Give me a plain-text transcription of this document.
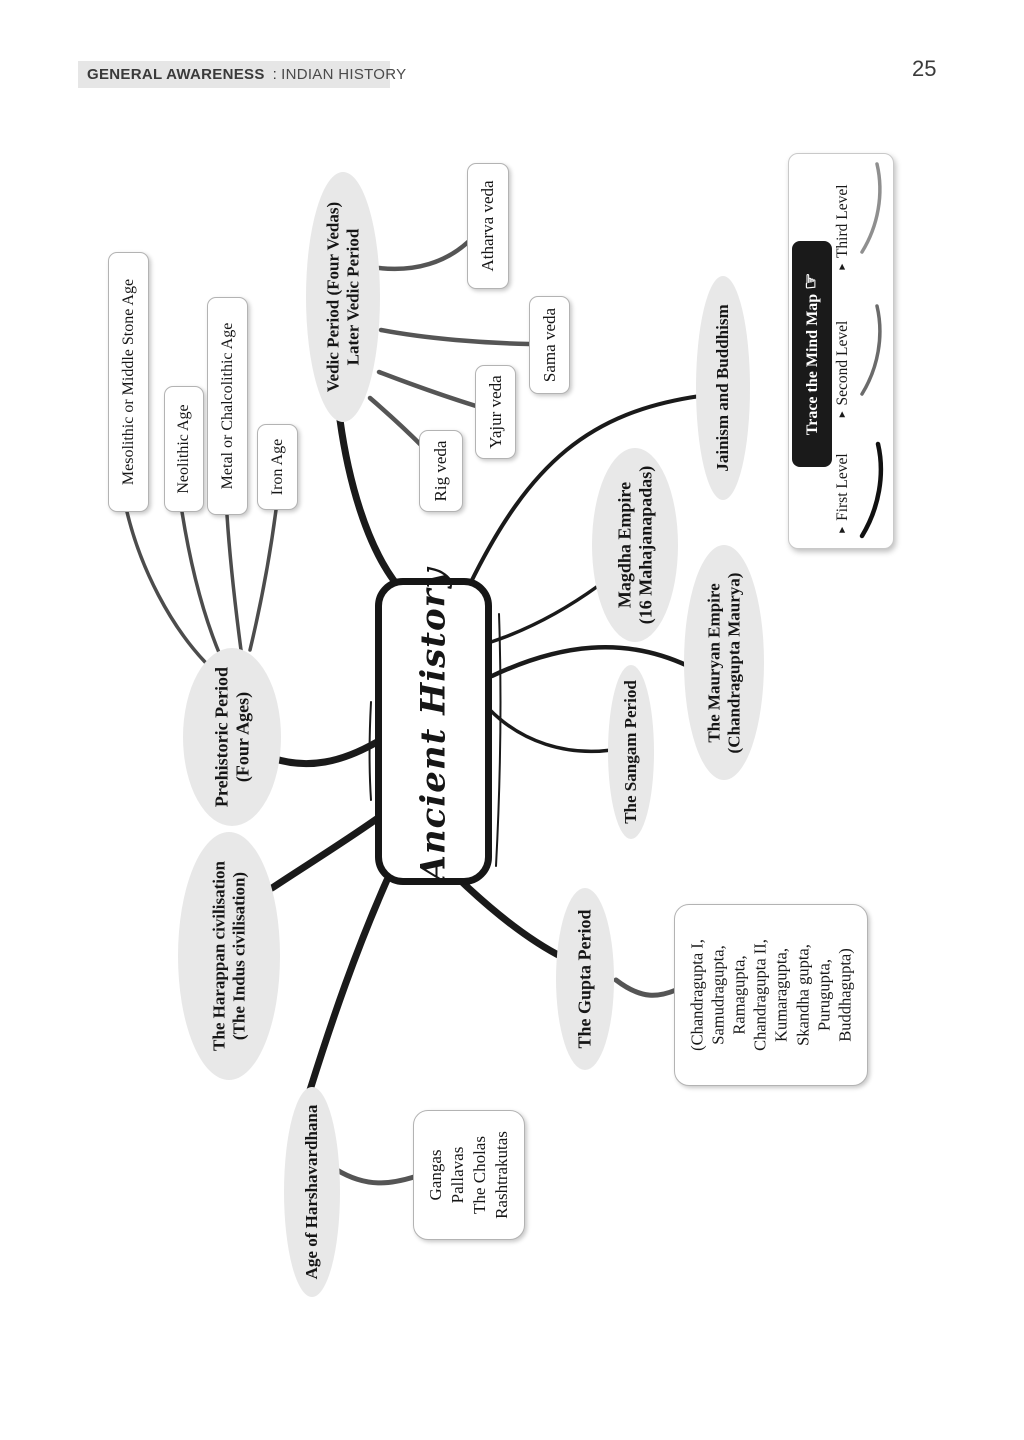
GENERAL AWARENESS : INDIAN HISTORY	25
Trace the Mind Map ☞
► Third Level
► Second Level
► First Level
Ancient History
Vedic Period (Four Vedas) Later Vedic Period
Prehistoric Period (Four Ages)
The Harappan civilisation (The Indus civilisation)
Age of Harshavardhana
The Gupta Period
The Sangam Period
The Mauryan Empire (Chandragupta Maurya)
Magdha Empire (16 Mahajanapadas)
Jainism and Buddhism
Rig veda
Yajur veda
Sama veda
Atharva veda
Mesolithic or Middle Stone Age Neolithic Age Metal or Chalcolithic Age Iron Age
(Chandragupta I, Samudragupta, Ramagupta, Chandragupta II, Kumaragupta, Skandha gupta, Purugupta, Buddhagupta)
Gangas Pallavas The Cholas Rashtrakutas
